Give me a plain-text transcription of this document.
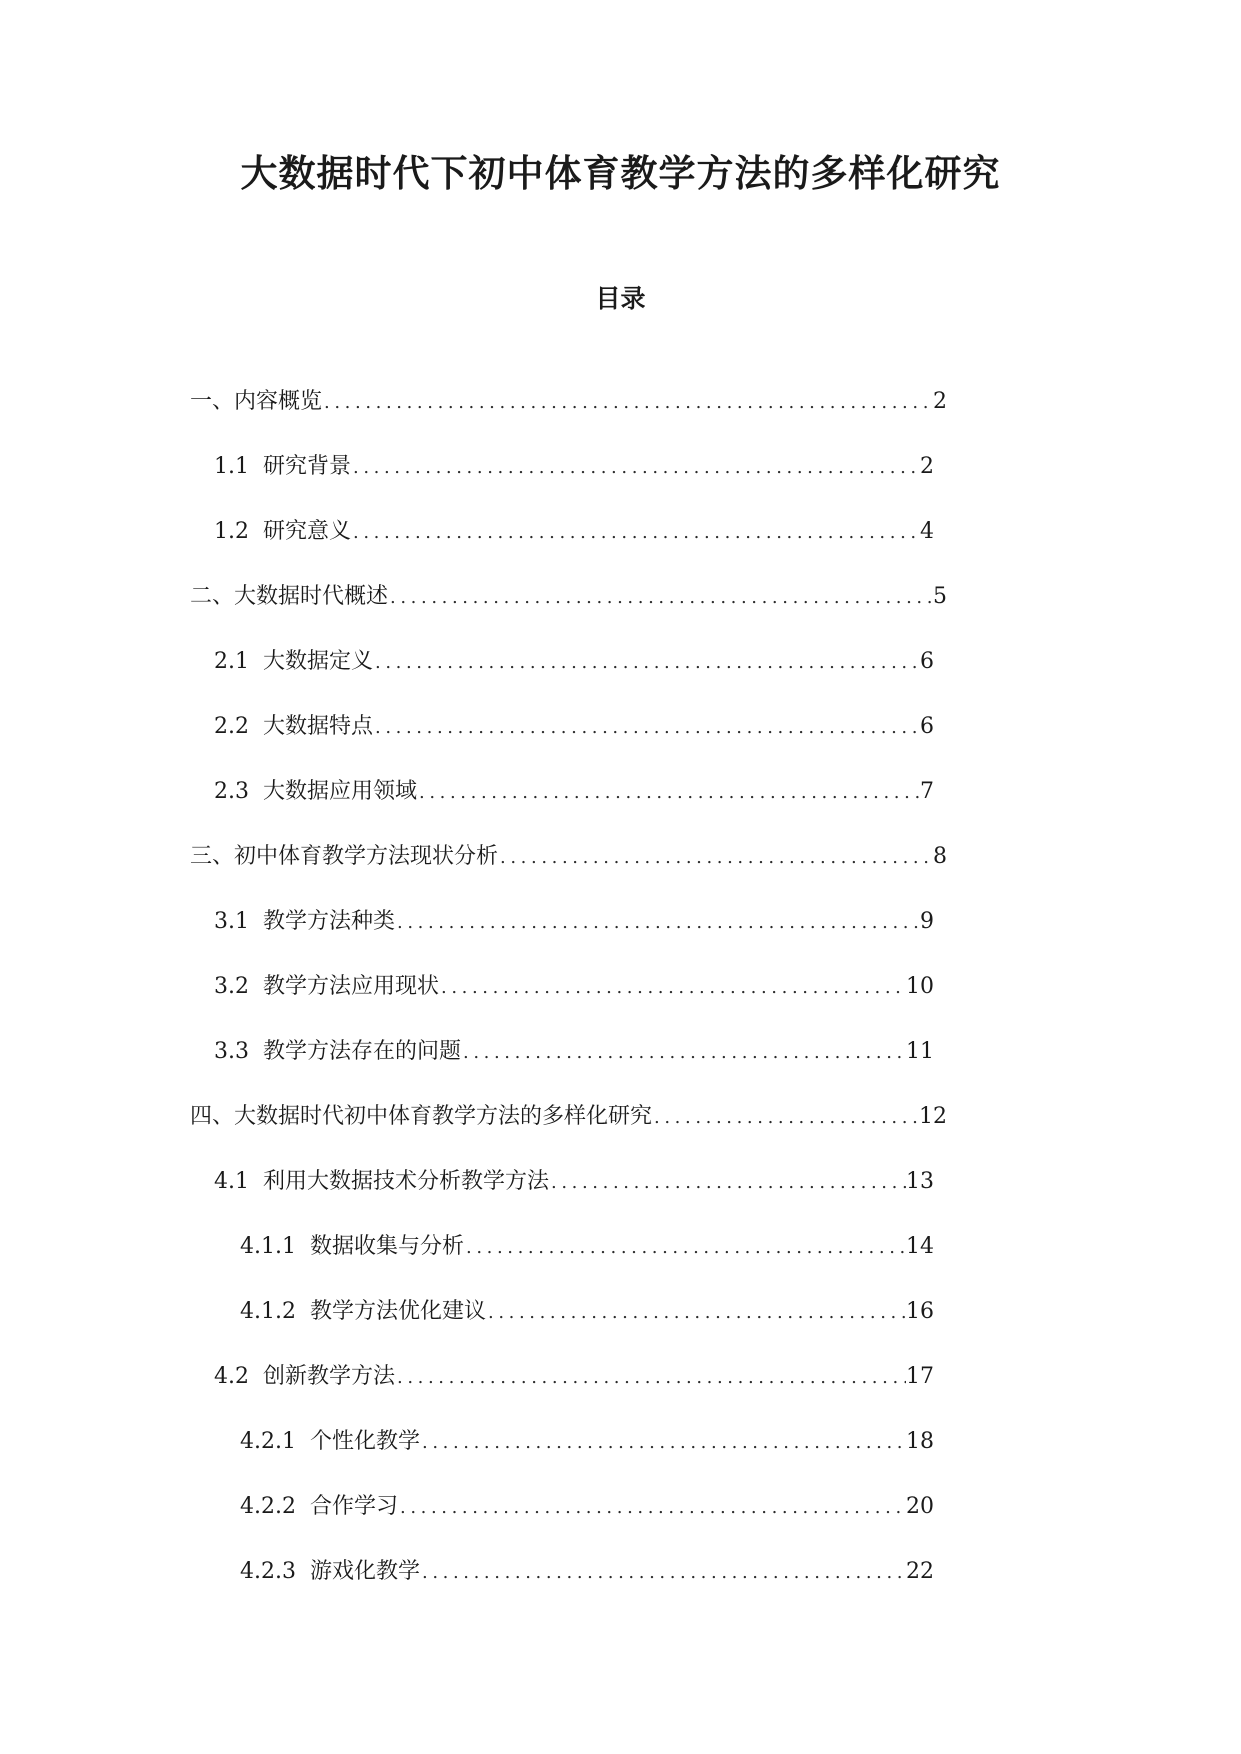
大数据时代下初中体育教学方法的多样化研究
目录
一、 内容概览 .....	2
1.1 研究背景 .....	2
1.2 研究意义 .....	4
二、 大数据时代概述 .....	5
2.1 大数据定义 .....	6
2.2 大数据特点 .....	6
2.3 大数据应用领域 .....	7
三、 初中体育教学方法现状分析 .....	8
3.1 教学方法种类 .....	9
3.2 教学方法应用现状 .....	10
3.3 教学方法存在的问题 .....	11
四、 大数据时代初中体育教学方法的多样化研究 .....	12
4.1 利用大数据技术分析教学方法 .....	13
4.1.1 数据收集与分析 .....	14
4.1.2 教学方法优化建议 .....	16
4.2 创新教学方法 .....	17
4.2.1 个性化教学 .....	18
4.2.2 合作学习 .....	20
4.2.3 游戏化教学 .....	22
